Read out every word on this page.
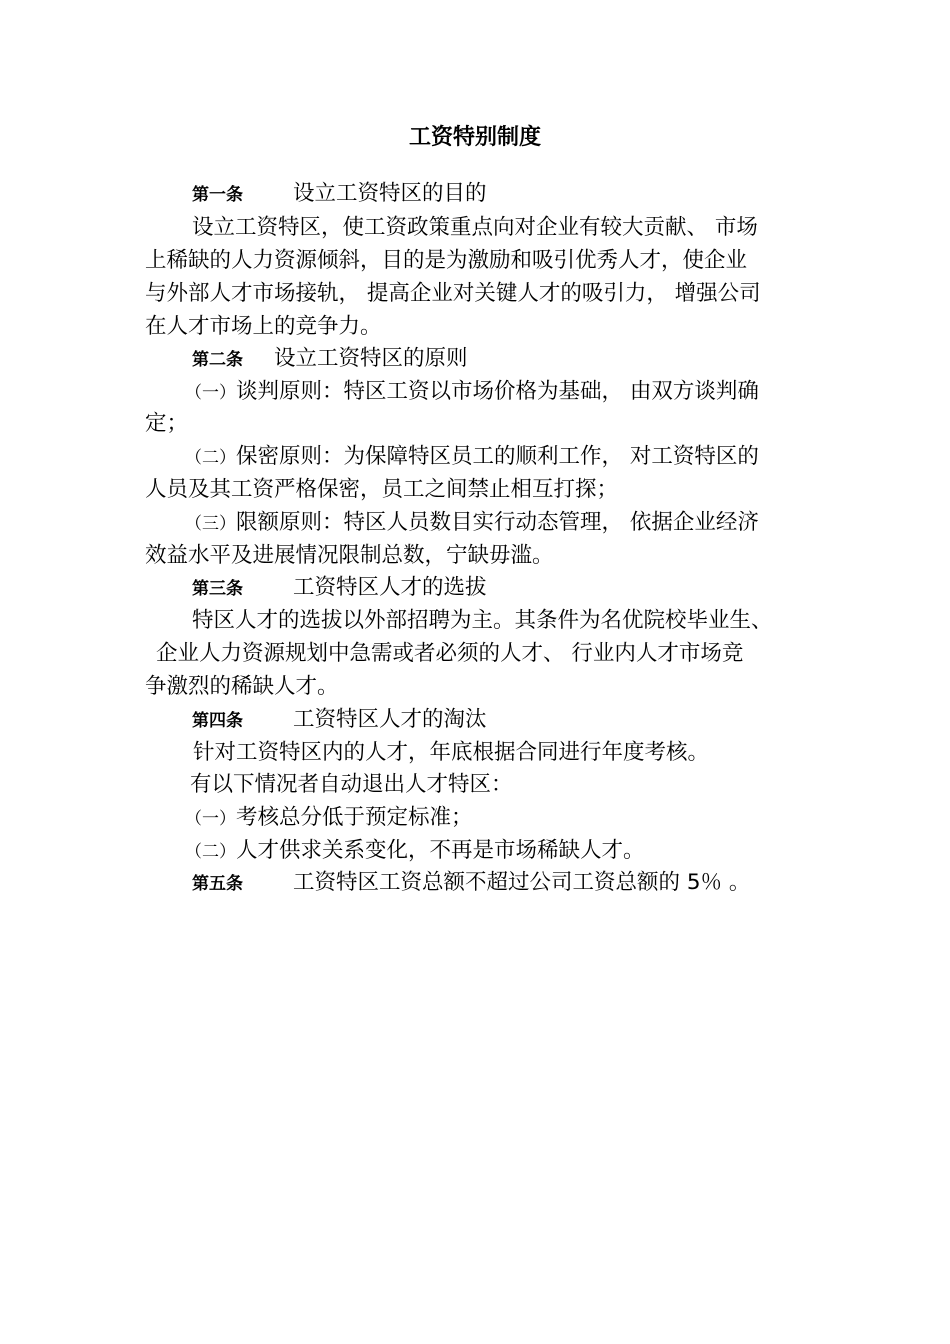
工资特别制度
第一条 设立工资特区的目的
设立工资特区，使工资政策重点向对企业有较大贡献、 市场
上稀缺的人力资源倾斜，目的是为激励和吸引优秀人才，使企业
与外部人才市场接轨， 提高企业对关键人才的吸引力， 增强公司
在人才市场上的竞争力。
第二条 设立工资特区的原则
（一）谈判原则：特区工资以市场价格为基础， 由双方谈判确
定；
（二）保密原则：为保障特区员工的顺利工作， 对工资特区的
人员及其工资严格保密，员工之间禁止相互打探；
（三）限额原则：特区人员数目实行动态管理， 依据企业经济
效益水平及进展情况限制总数，宁缺毋滥。
第三条 工资特区人才的选拔
特区人才的选拔以外部招聘为主。其条件为名优院校毕业生、
企业人力资源规划中急需或者必须的人才、 行业内人才市场竞
争激烈的稀缺人才。
第四条 工资特区人才的淘汰
针对工资特区内的人才，年底根据合同进行年度考核。
有以下情况者自动退出人才特区：
（一）考核总分低于预定标准；
（二）人才供求关系变化，不再是市场稀缺人才。
第五条 工资特区工资总额不超过公司工资总额的 5％ 。
